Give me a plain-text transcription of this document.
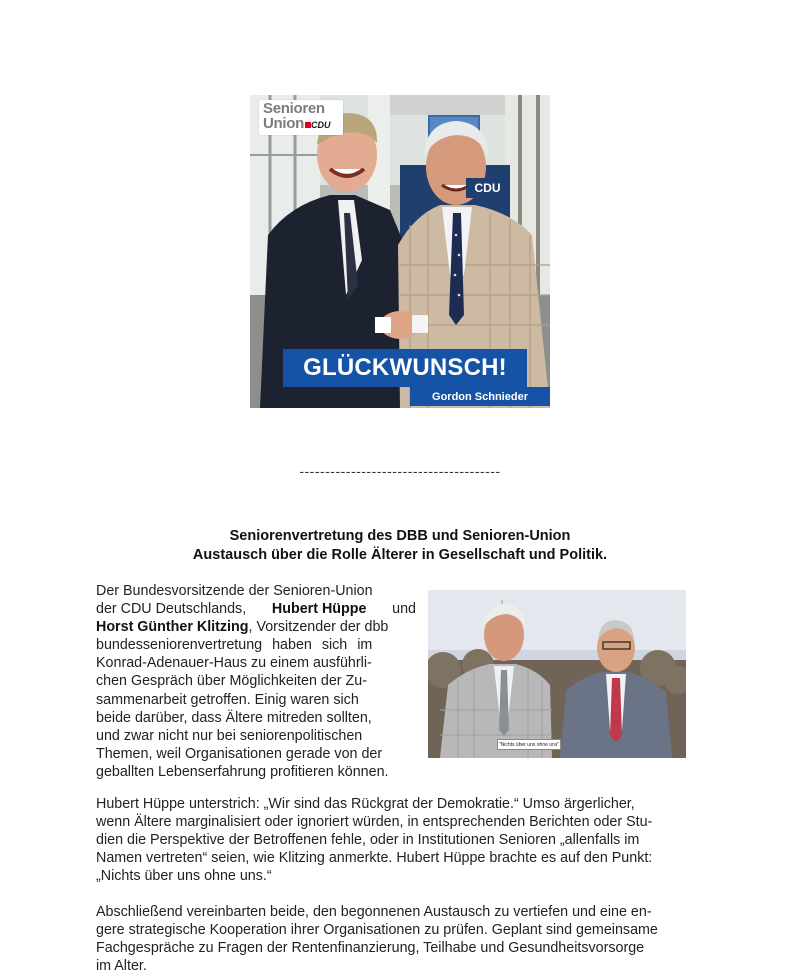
Senioren
Union CDU
CDU
GLÜCKWUNSCH!
Gordon Schnieder
---------------------------------------
Seniorenvertretung des DBB und Senioren-Union
Austausch über die Rolle Älterer in Gesellschaft und Politik.
Der Bundesvorsitzende der Senioren-Union
der CDU Deutschlands, Hubert Hüppe und
Horst Günther Klitzing, Vorsitzender der dbb
bundesseniorenvertretung haben sich im
Konrad-Adenauer-Haus zu einem ausführli-
chen Gespräch über Möglichkeiten der Zu-
sammenarbeit getroffen. Einig waren sich
beide darüber, dass Ältere mitreden sollten,
und zwar nicht nur bei seniorenpolitischen
Themen, weil Organisationen gerade von der
geballten Lebenserfahrung profitieren können.
"Nichts über uns ohne uns"
Hubert Hüppe unterstrich: „Wir sind das Rückgrat der Demokratie.“ Umso ärgerlicher,
wenn Ältere marginalisiert oder ignoriert würden, in entsprechenden Berichten oder Stu-
dien die Perspektive der Betroffenen fehle, oder in Institutionen Senioren „allenfalls im
Namen vertreten“ seien, wie Klitzing anmerkte. Hubert Hüppe brachte es auf den Punkt:
„Nichts über uns ohne uns.“
Abschließend vereinbarten beide, den begonnenen Austausch zu vertiefen und eine en-
gere strategische Kooperation ihrer Organisationen zu prüfen. Geplant sind gemeinsame
Fachgespräche zu Fragen der Rentenfinanzierung, Teilhabe und Gesundheitsvorsorge
im Alter.
